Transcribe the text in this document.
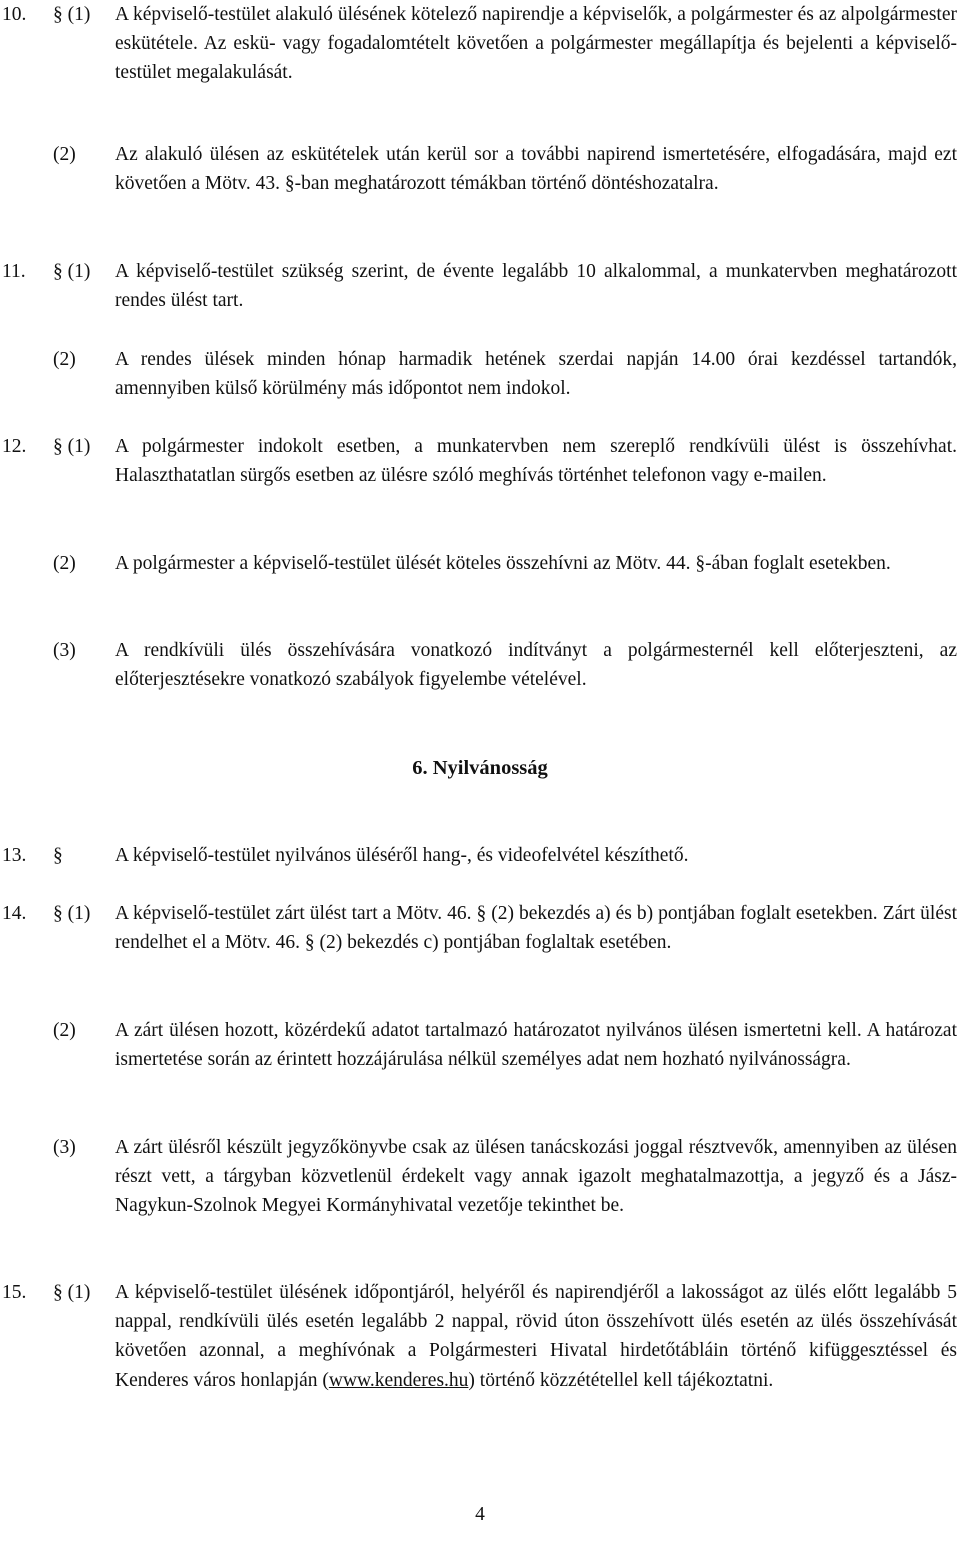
10. § (1) A képviselő-testület alakuló ülésének kötelező napirendje a képviselők, a polgármester és az alpolgármester eskütétele. Az eskü- vagy fogadalomtételt követően a polgármester megállapítja és bejelenti a képviselő-testület megalakulását.
(2) Az alakuló ülésen az eskütételek után kerül sor a további napirend ismertetésére, elfogadására, majd ezt követően a Mötv. 43. §-ban meghatározott témákban történő döntéshozatalra.
11. § (1) A képviselő-testület szükség szerint, de évente legalább 10 alkalommal, a munkatervben meghatározott rendes ülést tart.
(2) A rendes ülések minden hónap harmadik hetének szerdai napján 14.00 órai kezdéssel tartandók, amennyiben külső körülmény más időpontot nem indokol.
12. § (1) A polgármester indokolt esetben, a munkatervben nem szereplő rendkívüli ülést is összehívhat. Halaszthatatlan sürgős esetben az ülésre szóló meghívás történhet telefonon vagy e-mailen.
(2) A polgármester a képviselő-testület ülését köteles összehívni az Mötv. 44. §-ában foglalt esetekben.
(3) A rendkívüli ülés összehívására vonatkozó indítványt a polgármesternél kell előterjeszteni, az előterjesztésekre vonatkozó szabályok figyelembe vételével.
6. Nyilvánosság
13. §	A képviselő-testület nyilvános üléséről hang-, és videofelvétel készíthető.
14. § (1) A képviselő-testület zárt ülést tart a Mötv. 46. § (2) bekezdés a) és b) pontjában foglalt esetekben. Zárt ülést rendelhet el a Mötv. 46. § (2) bekezdés c) pontjában foglaltak esetében.
(2) A zárt ülésen hozott, közérdekű adatot tartalmazó határozatot nyilvános ülésen ismertetni kell. A határozat ismertetése során az érintett hozzájárulása nélkül személyes adat nem hozható nyilvánosságra.
(3) A zárt ülésről készült jegyzőkönyvbe csak az ülésen tanácskozási joggal résztvevők, amennyiben az ülésen részt vett, a tárgyban közvetlenül érdekelt vagy annak igazolt meghatalmazottja, a jegyző és a Jász-Nagykun-Szolnok Megyei Kormányhivatal vezetője tekinthet be.
15. § (1) A képviselő-testület ülésének időpontjáról, helyéről és napirendjéről a lakosságot az ülés előtt legalább 5 nappal, rendkívüli ülés esetén legalább 2 nappal, rövid úton összehívott ülés esetén az ülés összehívását követően azonnal, a meghívónak a Polgármesteri Hivatal hirdetőtábláin történő kifüggesztéssel és Kenderes város honlapján (www.kenderes.hu) történő közzététellel kell tájékoztatni.
4
